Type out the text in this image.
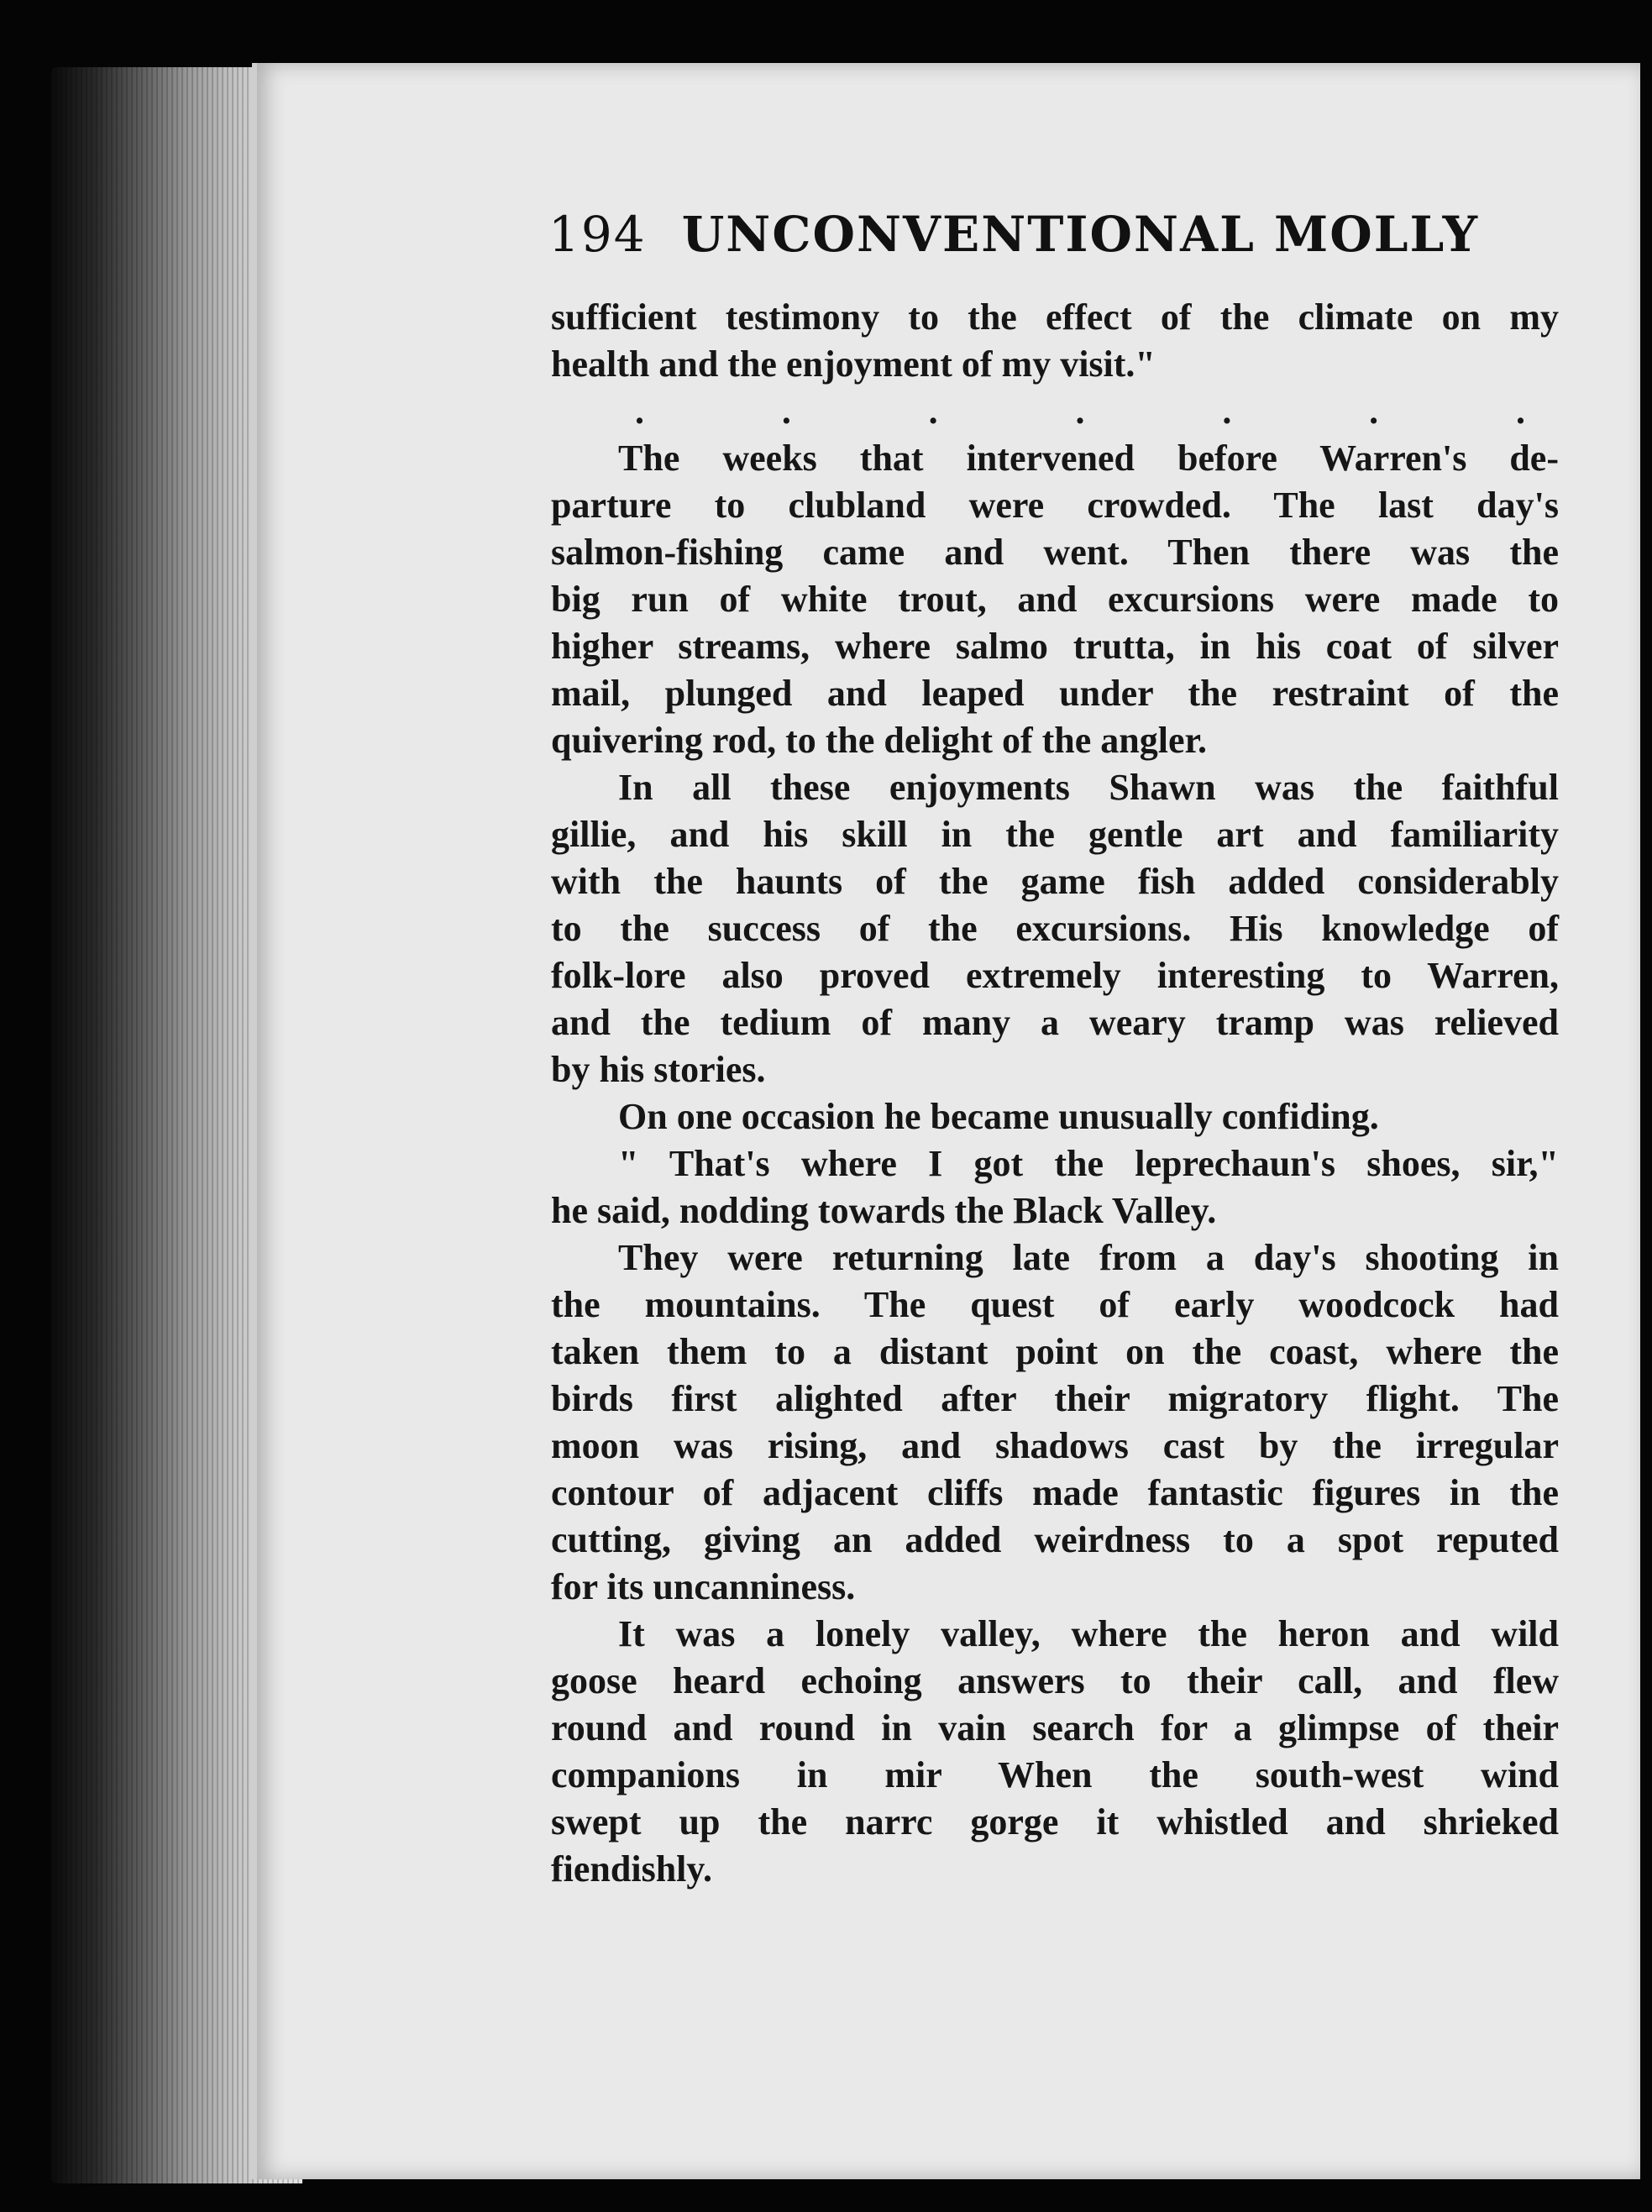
194 UNCONVENTIONAL MOLLY
sufficient testimony to the effect of the climate on my
health and the enjoyment of my visit."
. . . . . . .
The weeks that intervened before Warren's de-
parture to clubland were crowded. The last day's
salmon-fishing came and went. Then there was the
big run of white trout, and excursions were made to
higher streams, where salmo trutta, in his coat of silver
mail, plunged and leaped under the restraint of the
quivering rod, to the delight of the angler.
In all these enjoyments Shawn was the faithful
gillie, and his skill in the gentle art and familiarity
with the haunts of the game fish added considerably
to the success of the excursions. His knowledge of
folk-lore also proved extremely interesting to Warren,
and the tedium of many a weary tramp was relieved
by his stories.
On one occasion he became unusually confiding.
" That's where I got the leprechaun's shoes, sir,"
he said, nodding towards the Black Valley.
They were returning late from a day's shooting in
the mountains. The quest of early woodcock had
taken them to a distant point on the coast, where the
birds first alighted after their migratory flight. The
moon was rising, and shadows cast by the irregular
contour of adjacent cliffs made fantastic figures in the
cutting, giving an added weirdness to a spot reputed
for its uncanniness.
It was a lonely valley, where the heron and wild
goose heard echoing answers to their call, and flew
round and round in vain search for a glimpse of their
companions in mir When the south-west wind
swept up the narrc gorge it whistled and shrieked
fiendishly.
